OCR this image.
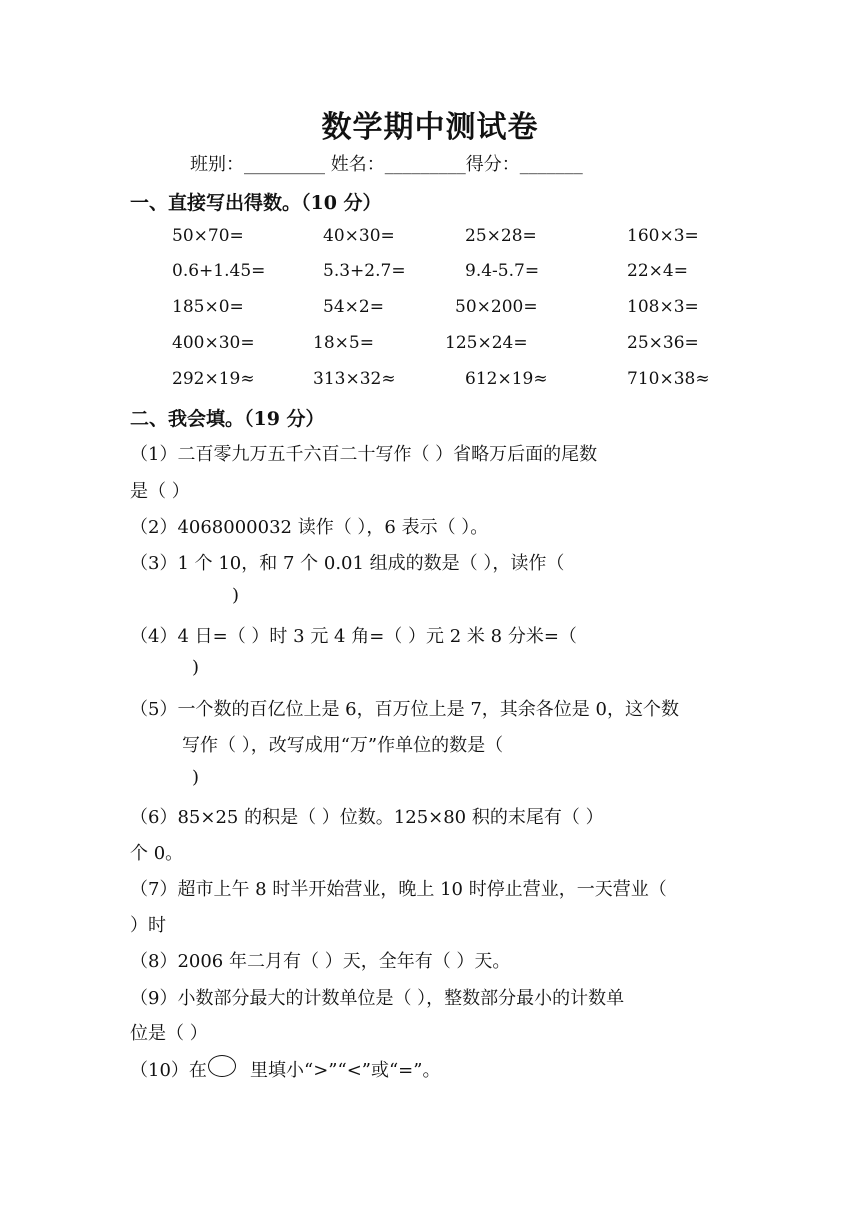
数学期中测试卷
班别：_________ 姓名：_________得分：_______
一、直接写出得数。（10 分）
50×70=	40×30=	25×28=	160×3=
0.6+1.45=	5.3+2.7=	9.4-5.7=	22×4=
185×0=	54×2=	50×200=	108×3=
400×30=	18×5=	125×24=	25×36=
292×19≈	313×32≈	612×19≈	710×38≈
二、我会填。（19 分）
（1）二百零九万五千六百二十写作（ ）省略万后面的尾数
是（ ）
（2）4068000032 读作（ ），6 表示（ ）。
（3）1 个 10，和 7 个 0.01 组成的数是（ ），读作（
)
（4）4 日=（ ）时 3 元 4 角=（ ）元 2 米 8 分米=（
)
（5）一个数的百亿位上是 6，百万位上是 7，其余各位是 0，这个数
写作（ ），改写成用“万”作单位的数是（
)
（6）85×25 的积是（ ）位数。125×80 积的末尾有（ ）
个 0。
（7）超市上午 8 时半开始营业，晚上 10 时停止营业，一天营业（
）时
（8）2006 年二月有（ ）天，全年有（ ）天。
（9）小数部分最大的计数单位是（ ），整数部分最小的计数单
位是（ ）
（10）在 里填小“>”“<”或“=”。
